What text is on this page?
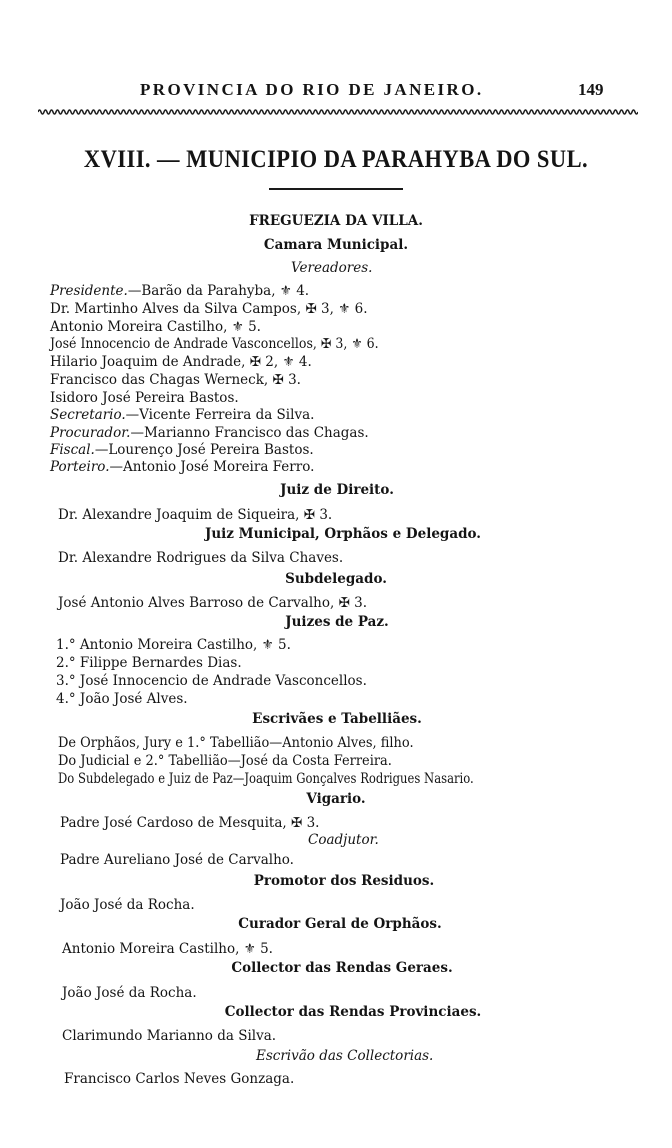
PROVINCIA DO RIO DE JANEIRO.	149
XVIII. — MUNICIPIO DA PARAHYBA DO SUL.
FREGUEZIA DA VILLA.
Camara Municipal.
Vereadores.
Presidente.—Barão da Parahyba, ⚜ 4.
Dr. Martinho Alves da Silva Campos, ✠ 3, ⚜ 6.
Antonio Moreira Castilho, ⚜ 5.
José Innocencio de Andrade Vasconcellos, ✠ 3, ⚜ 6.
Hilario Joaquim de Andrade, ✠ 2, ⚜ 4.
Francisco das Chagas Werneck, ✠ 3.
Isidoro José Pereira Bastos.
Secretario.—Vicente Ferreira da Silva.
Procurador.—Marianno Francisco das Chagas.
Fiscal.—Lourenço José Pereira Bastos.
Porteiro.—Antonio José Moreira Ferro.
Juiz de Direito.
Dr. Alexandre Joaquim de Siqueira, ✠ 3.
Juiz Municipal, Orphãos e Delegado.
Dr. Alexandre Rodrigues da Silva Chaves.
Subdelegado.
José Antonio Alves Barroso de Carvalho, ✠ 3.
Juizes de Paz.
1.° Antonio Moreira Castilho, ⚜ 5.
2.° Filippe Bernardes Dias.
3.° José Innocencio de Andrade Vasconcellos.
4.° João José Alves.
Escrivães e Tabelliães.
De Orphãos, Jury e 1.° Tabellião—Antonio Alves, filho.
Do Judicial e 2.° Tabellião—José da Costa Ferreira.
Do Subdelegado e Juiz de Paz—Joaquim Gonçalves Rodrigues Nasario.
Vigario.
Padre José Cardoso de Mesquita, ✠ 3.
Coadjutor.
Padre Aureliano José de Carvalho.
Promotor dos Residuos.
João José da Rocha.
Curador Geral de Orphãos.
Antonio Moreira Castilho, ⚜ 5.
Collector das Rendas Geraes.
João José da Rocha.
Collector das Rendas Provinciaes.
Clarimundo Marianno da Silva.
Escrivão das Collectorias.
Francisco Carlos Neves Gonzaga.
